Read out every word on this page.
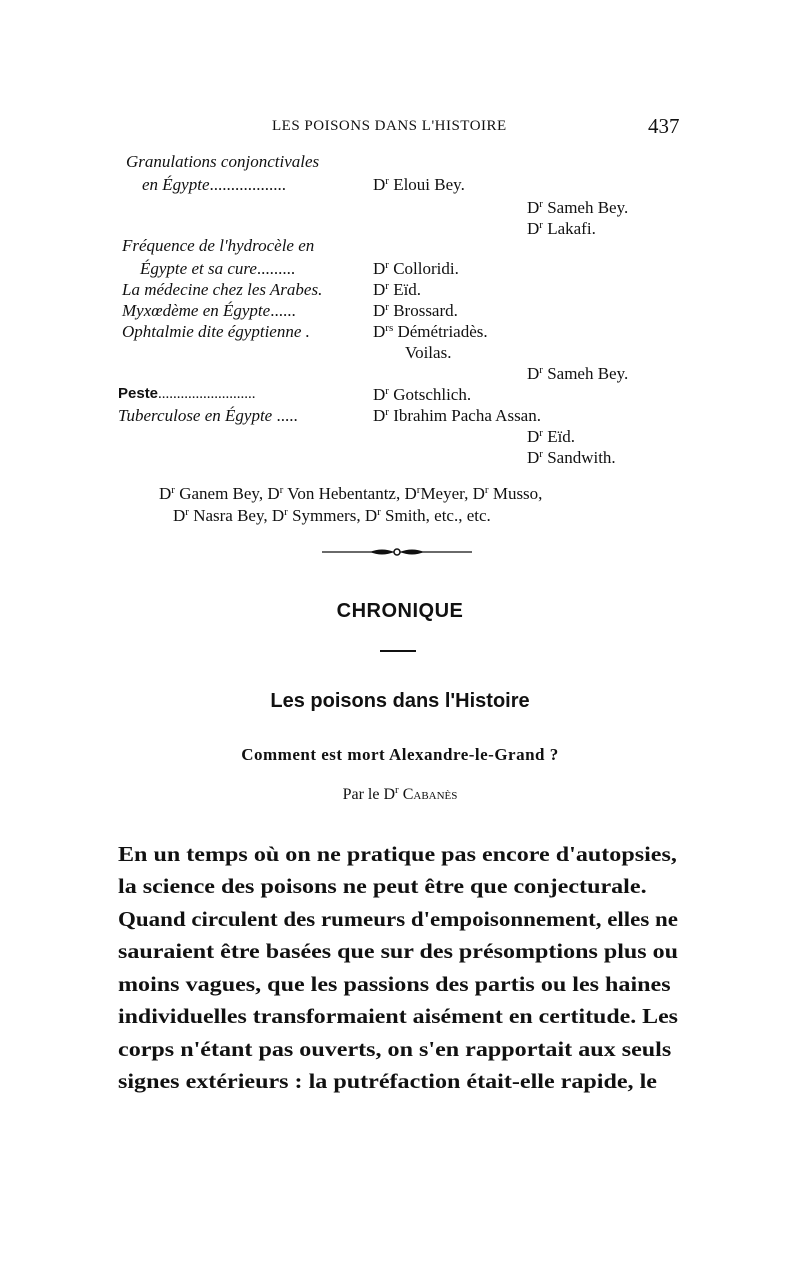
LES POISONS DANS L'HISTOIRE	437
Granulations conjonctivales
en Égypte..................	$D^r$ Eloui Bey.
$D^r$ Sameh Bey.
$D^r$ Lakafi.
Fréquence de l'hydrocèle en
Égypte et sa cure.........	$D^r$ Colloridi.
La médecine chez les Arabes.	$D^r$ Eïd.
Myxœdème en Égypte......	$D^r$ Brossard.
Ophtalmie dite égyptienne .	$D^{rs}$ Démétriadès.
Voilas.
$D^r$ Sameh Bey.
Peste..........................	$D^r$ Gotschlich.
Tuberculose en Égypte .....	$D^r$ Ibrahim Pacha Assan.
$D^r$ Eïd.
$D^r$ Sandwith.
$D^r$ Ganem Bey, $D^r$ Von Hebentantz, $D^rMeyer$, $D^r$ Musso,
$D^r$ Nasra Bey, $D^r$ Symmers, $D^r$ Smith, etc., etc.
CHRONIQUE
Les poisons dans l'Histoire
Comment est mort Alexandre-le-Grand ?
Par le $D^r$ Cabanès
En un temps où on ne pratique pas encore d'autopsies,
la science des poisons ne peut être que conjecturale.
Quand circulent des rumeurs d'empoisonnement, elles ne
sauraient être basées que sur des présomptions plus ou
moins vagues, que les passions des partis ou les haines
individuelles transformaient aisément en certitude. Les
corps n'étant pas ouverts, on s'en rapportait aux seuls
signes extérieurs : la putréfaction était-elle rapide, le
